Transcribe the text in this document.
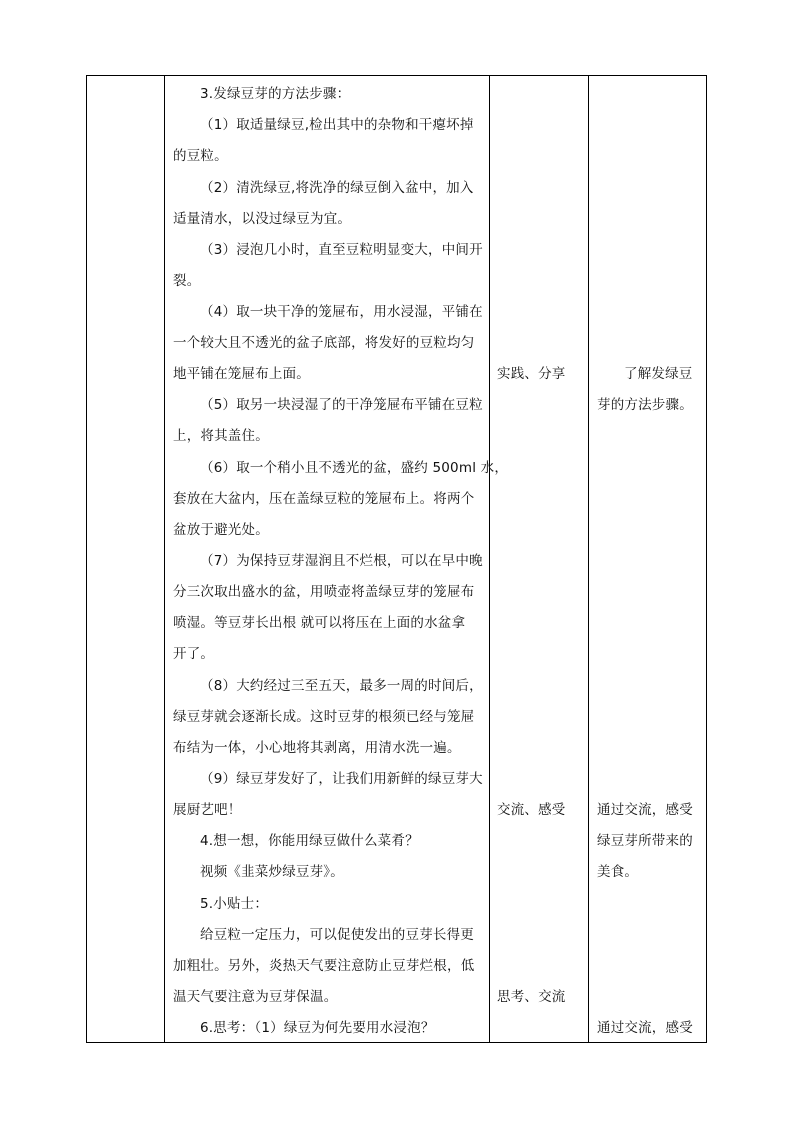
3.发绿豆芽的方法步骤：
（1）取适量绿豆,检出其中的杂物和干瘪坏掉
的豆粒。
（2）清洗绿豆,将洗净的绿豆倒入盆中，加入
适量清水，以没过绿豆为宜。
（3）浸泡几小时，直至豆粒明显变大，中间开
裂。
（4）取一块干净的笼屉布，用水浸湿，平铺在
一个较大且不透光的盆子底部，将发好的豆粒均匀
地平铺在笼屉布上面。
（5）取另一块浸湿了的干净笼屉布平铺在豆粒
上，将其盖住。
（6）取一个稍小且不透光的盆，盛约 500ml 水，
套放在大盆内，压在盖绿豆粒的笼屉布上。将两个
盆放于避光处。
（7）为保持豆芽湿润且不烂根，可以在早中晚
分三次取出盛水的盆，用喷壶将盖绿豆芽的笼屉布
喷湿。等豆芽长出根 就可以将压在上面的水盆拿
开了。
（8）大约经过三至五天，最多一周的时间后，
绿豆芽就会逐渐长成。这时豆芽的根须已经与笼屉
布结为一体，小心地将其剥离，用清水洗一遍。
（9）绿豆芽发好了，让我们用新鲜的绿豆芽大
展厨艺吧！
4.想一想，你能用绿豆做什么菜肴？
视频《韭菜炒绿豆芽》。
5.小贴士：
给豆粒一定压力，可以促使发出的豆芽长得更
加粗壮。另外，炎热天气要注意防止豆芽烂根，低
温天气要注意为豆芽保温。
6.思考：（1）绿豆为何先要用水浸泡？
实践、分享
交流、感受
思考、交流
了解发绿豆
芽的方法步骤。
通过交流，感受
绿豆芽所带来的
美食。
通过交流，感受
